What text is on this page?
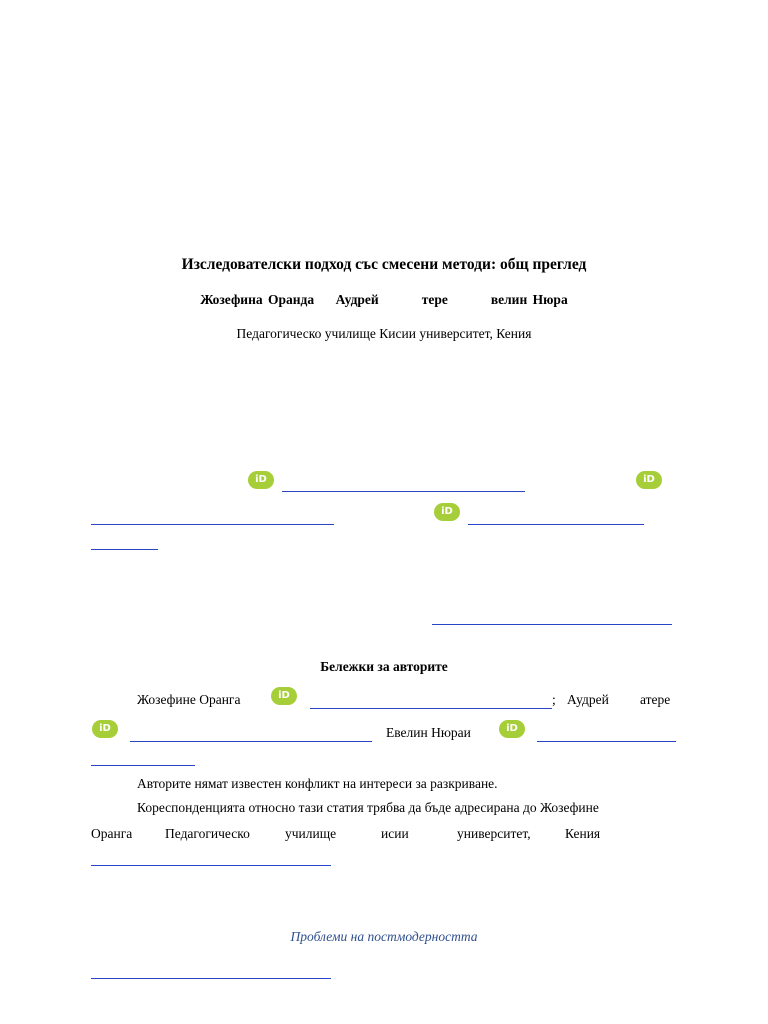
Изследователски подход със смесени методи: общ преглед
Жозефина Оранда Аудрей	тере	велин Нюра
Педагогическо училище Кисии университет, Кения
iD	iD
iD
Бележки за авторите
Жозефине Оранга	iD	; Аудрей атере
iD	Евелин Нюраи	iD
Авторите нямат известен конфликт на интереси за разкриване.
Кореспонденцията относно тази статия трябва да бъде адресирана до Жозефине
Оранга Педагогическо	училище	исии	университет,	Кения
Проблеми на постмодерността
